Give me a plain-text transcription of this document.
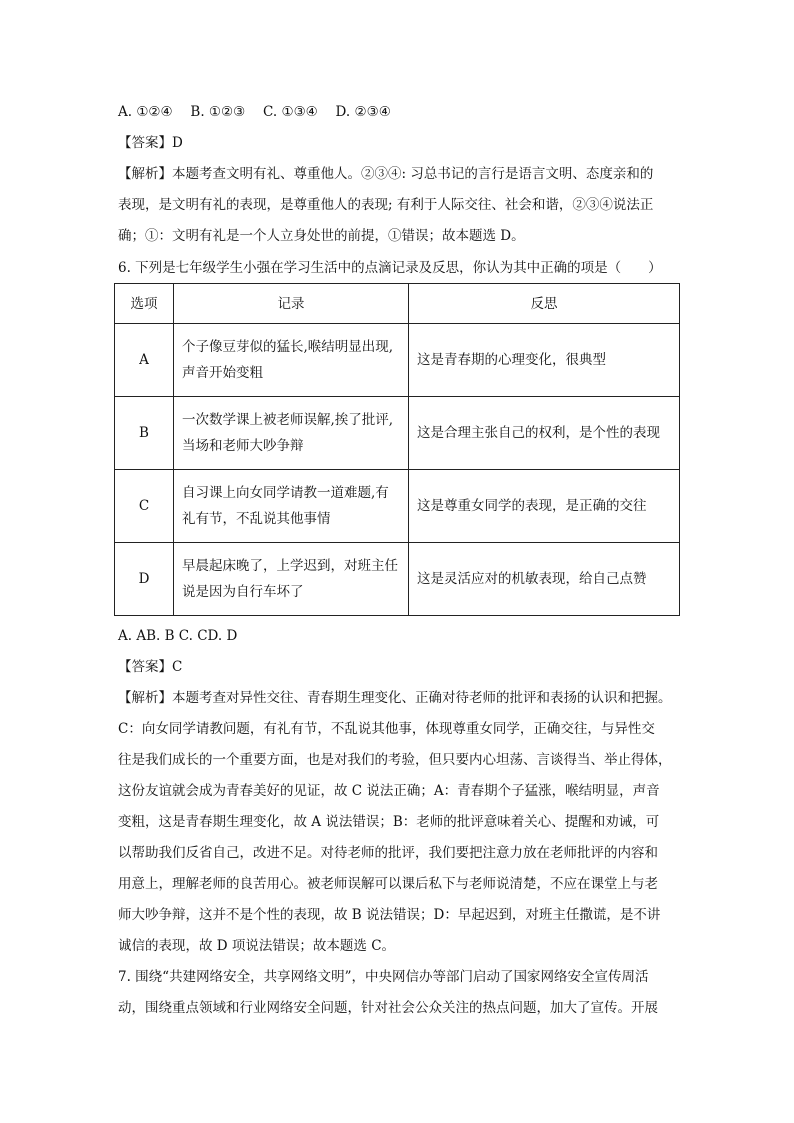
A. ①②④　 B. ①②③　 C. ①③④　 D. ②③④
【答案】D
【解析】本题考查文明有礼、尊重他人。②③④: 习总书记的言行是语言文明、态度亲和的
表现，是文明有礼的表现，是尊重他人的表现; 有利于人际交往、社会和谐，②③④说法正
确；①：文明有礼是一个人立身处世的前提，①错误；故本题选 D。
6. 下列是七年级学生小强在学习生活中的点滴记录及反思，你认为其中正确的项是（　　）
选项	记录	反思
A	个子像豆芽似的猛长,喉结明显出现,
声音开始变粗	这是青春期的心理变化，很典型
B	一次数学课上被老师误解,挨了批评,
当场和老师大吵争辩	这是合理主张自己的权利，是个性的表现
C	自习课上向女同学请教一道难题,有
礼有节，不乱说其他事情	这是尊重女同学的表现，是正确的交往
D	早晨起床晚了，上学迟到，对班主任
说是因为自行车坏了	这是灵活应对的机敏表现，给自己点赞
A. AB. B C. CD. D
【答案】C
【解析】本题考查对异性交往、青春期生理变化、正确对待老师的批评和表扬的认识和把握。
C：向女同学请教问题，有礼有节，不乱说其他事，体现尊重女同学，正确交往，与异性交
往是我们成长的一个重要方面，也是对我们的考验，但只要内心坦荡、言谈得当、举止得体，
这份友谊就会成为青春美好的见证，故 C 说法正确；A：青春期个子猛涨，喉结明显，声音
变粗，这是青春期生理变化，故 A 说法错误；B：老师的批评意味着关心、提醒和劝诫，可
以帮助我们反省自己，改进不足。对待老师的批评，我们要把注意力放在老师批评的内容和
用意上，理解老师的良苦用心。被老师误解可以课后私下与老师说清楚，不应在课堂上与老
师大吵争辩，这并不是个性的表现，故 B 说法错误；D：早起迟到，对班主任撒谎，是不讲
诚信的表现，故 D 项说法错误；故本题选 C。
7. 围绕“共建网络安全，共享网络文明”，中央网信办等部门启动了国家网络安全宣传周活
动，围绕重点领域和行业网络安全问题，针对社会公众关注的热点问题，加大了宣传。开展
